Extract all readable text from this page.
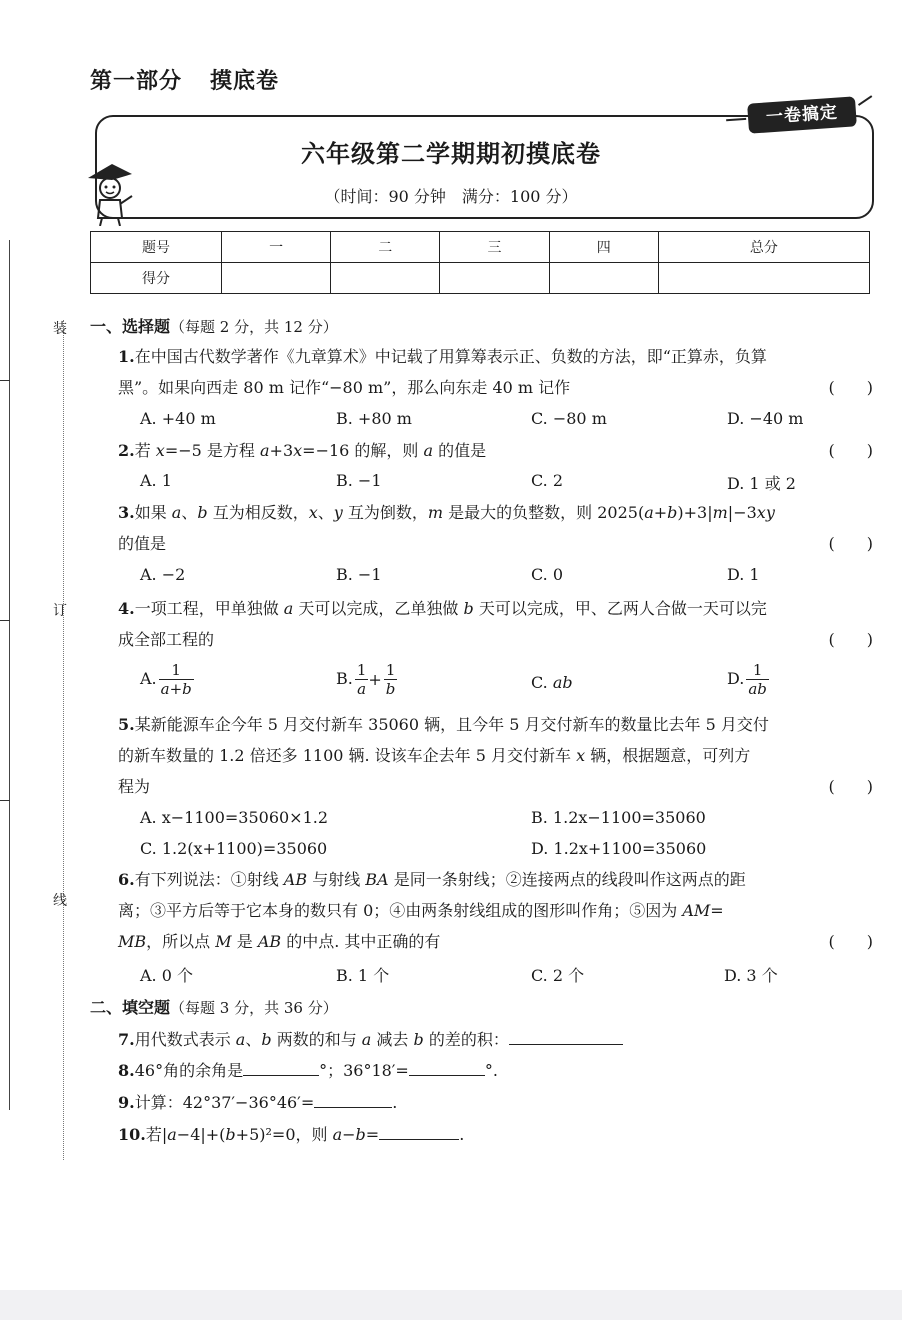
装
订
线
第一部分 摸底卷
一卷搞定
六年级第二学期期初摸底卷
（时间：90 分钟　满分：100 分）
题号	一	二	三	四	总分
得分					
一、选择题（每题 2 分，共 12 分）
1.在中国古代数学著作《九章算术》中记载了用算筹表示正、负数的方法，即“正算赤，负算
黑”。如果向西走 80 m 记作“−80 m”，那么向东走 40 m 记作	(　　)
A. +40 m	B. +80 m	C. −80 m	D. −40 m
2.若 x=−5 是方程 a+3x=−16 的解，则 a 的值是	(　　)
A. 1	B. −1	C. 2	D. 1 或 2
3.如果 a、b 互为相反数，x、y 互为倒数，m 是最大的负整数，则 2025(a+b)+3|m|−3xy
的值是	(　　)
A. −2	B. −1	C. 0	D. 1
4.一项工程，甲单独做 a 天可以完成，乙单独做 b 天可以完成，甲、乙两人合做一天可以完
成全部工程的	(　　)
A. $\frac{1}{a+b}$	B. $\frac{1}{a} + \frac{1}{b}$	C. ab	D. $\frac{1}{ab}$
5.某新能源车企今年 5 月交付新车 35060 辆，且今年 5 月交付新车的数量比去年 5 月交付
的新车数量的 1.2 倍还多 1100 辆. 设该车企去年 5 月交付新车 x 辆，根据题意，可列方
程为	(　　)
A. x−1100=35060×1.2	B. 1.2x−1100=35060
C. 1.2(x+1100)=35060	D. 1.2x+1100=35060
6.有下列说法：①射线 AB 与射线 BA 是同一条射线；②连接两点的线段叫作这两点的距
离；③平方后等于它本身的数只有 0；④由两条射线组成的图形叫作角；⑤因为 AM=
MB，所以点 M 是 AB 的中点. 其中正确的有	(　　)
A. 0 个	B. 1 个	C. 2 个	D. 3 个
二、填空题（每题 3 分，共 36 分）
7.用代数式表示 a、b 两数的和与 a 减去 b 的差的积：
8.46°角的余角是	°；36°18′=	°.
9.计算：42°37′−36°46′=	.
10.若|a−4|+(b+5)²=0，则 a−b=	.
